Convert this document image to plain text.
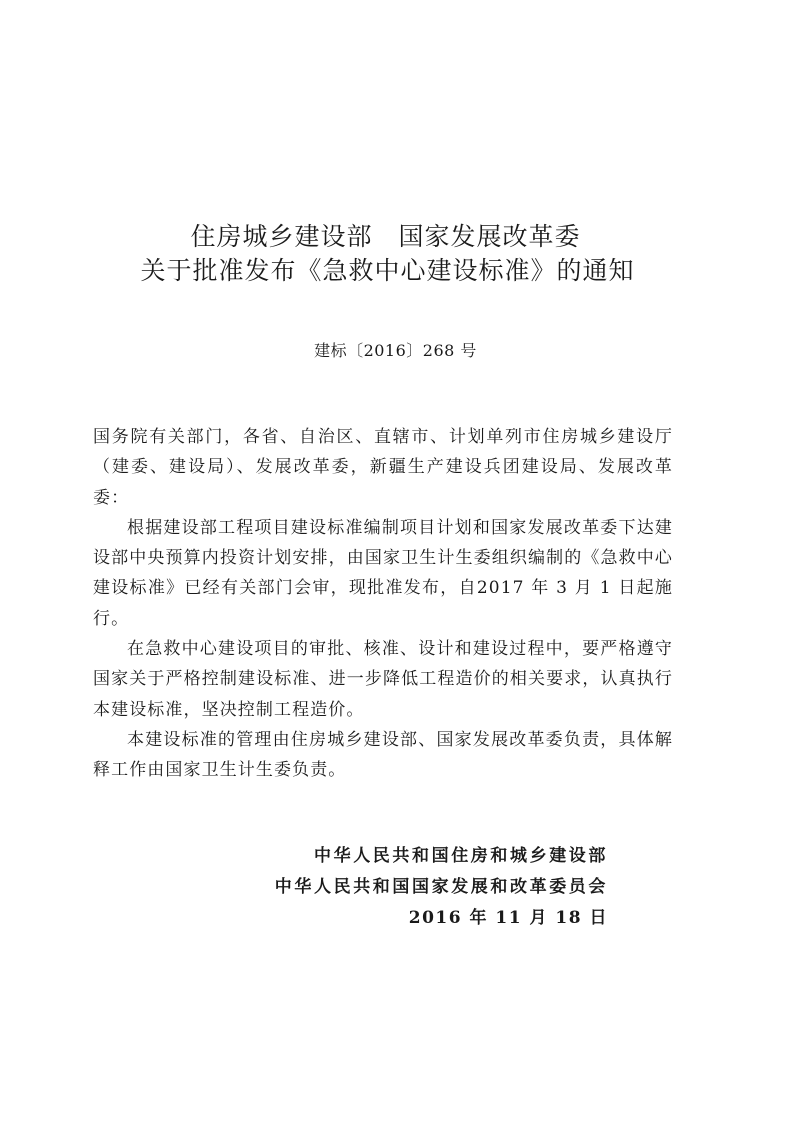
住房城乡建设部　国家发展改革委
关于批准发布《急救中心建设标准》的通知
建标〔2016〕268 号

国务院有关部门，各省、自治区、直辖市、计划单列市住房城乡建设厅（建委、建设局）、发展改革委，新疆生产建设兵团建设局、发展改革委：

根据建设部工程项目建设标准编制项目计划和国家发展改革委下达建设部中央预算内投资计划安排，由国家卫生计生委组织编制的《急救中心建设标准》已经有关部门会审，现批准发布，自2017 年 3 月 1 日起施行。

在急救中心建设项目的审批、核准、设计和建设过程中，要严格遵守国家关于严格控制建设标准、进一步降低工程造价的相关要求，认真执行本建设标准，坚决控制工程造价。

本建设标准的管理由住房城乡建设部、国家发展改革委负责，具体解释工作由国家卫生计生委负责。

中华人民共和国住房和城乡建设部
中华人民共和国国家发展和改革委员会
2016 年 11 月 18 日
